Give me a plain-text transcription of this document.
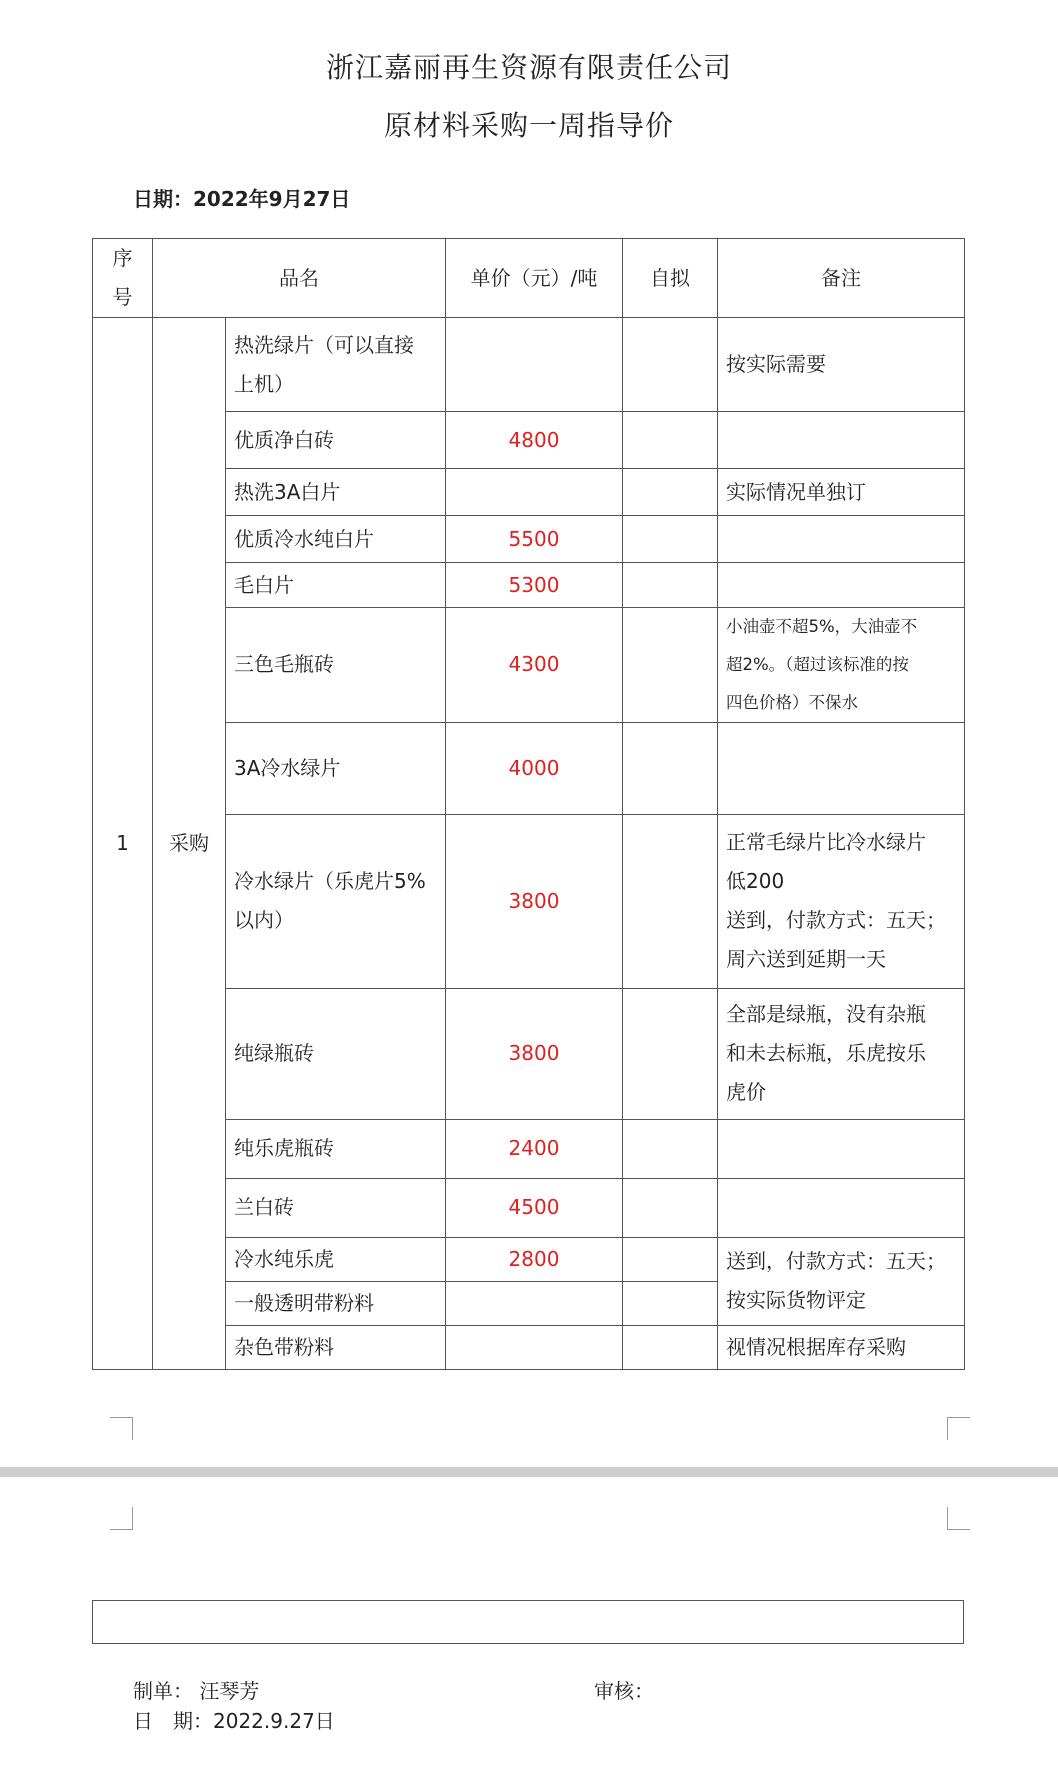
浙江嘉丽再生资源有限责任公司
原材料采购一周指导价
日期：2022年9月27日
序
号	品名		单价（元）/吨	自拟	备注
1	采购	热洗绿片（可以直接
上机）			按实际需要

		优质净白砖	4800		

		热洗3A白片			实际情况单独订

		优质冷水纯白片	5500		

		毛白片	5300		

		三色毛瓶砖	4300		小油壶不超5%，大油壶不
超2%。（超过该标准的按
四色价格）不保水

		3A冷水绿片	4000		

		冷水绿片（乐虎片5%
以内）	3800		正常毛绿片比冷水绿片
低200
送到，付款方式：五天；
周六送到延期一天

		纯绿瓶砖	3800		全部是绿瓶，没有杂瓶
和未去标瓶，乐虎按乐
虎价

		纯乐虎瓶砖	2400		

		兰白砖	4500		

		冷水纯乐虎	2800		送到，付款方式：五天；
按实际货物评定

		一般透明带粉料			

		杂色带粉料			视情况根据库存采购
制单： 汪琴芳	审核：
日　期：2022.9.27日
